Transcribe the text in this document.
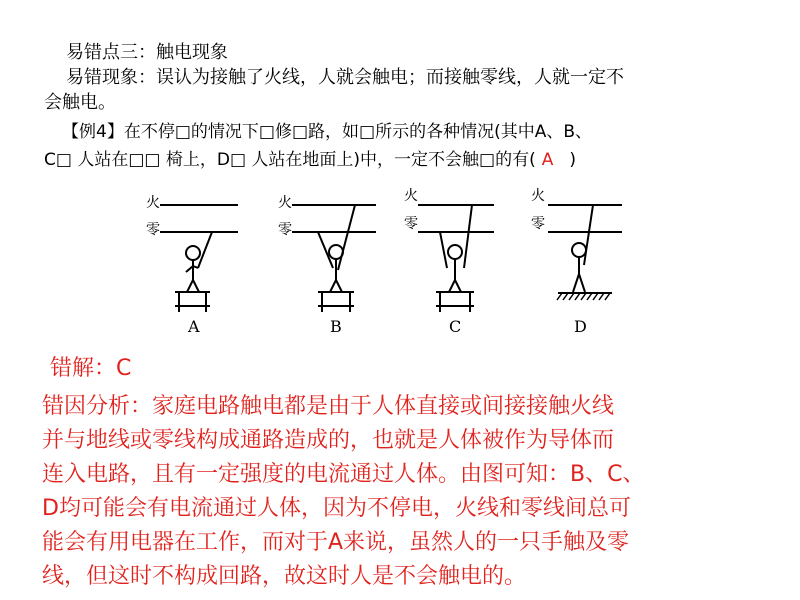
易错点三：触电现象
易错现象：误认为接触了火线，人就会触电；而接触零线，人就一定不
会触电。
【例4】在不停□的情况下□修□路，如□所示的各种情况(其中A、B、
C□ 人站在□□ 椅上，D□ 人站在地面上)中，一定不会触□的有( A )
火
零
火
零
火
零
火
零
A	B	C	D
错解：C
错因分析：家庭电路触电都是由于人体直接或间接接触火线
并与地线或零线构成通路造成的，也就是人体被作为导体而
连入电路，且有一定强度的电流通过人体。由图可知：B、C、
D均可能会有电流通过人体，因为不停电，火线和零线间总可
能会有用电器在工作，而对于A来说，虽然人的一只手触及零
线，但这时不构成回路，故这时人是不会触电的。
